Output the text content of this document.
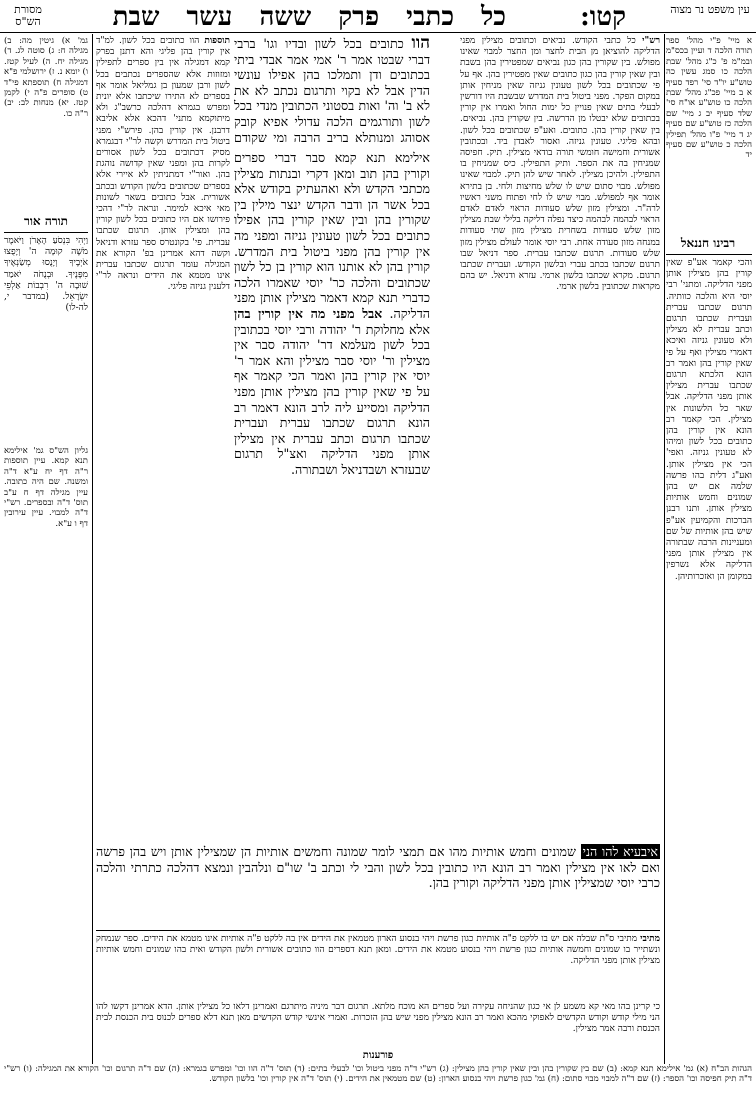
קטו:
כל כתבי פרק ששה עשר שבת
מסורת הש"ס
עין משפט נר מצוה
א מיי' פ"י מהל' ספר תורה הלכה ד ועיין בכס"מ ובמ"מ פ' כ"ג מהל' שבת הלכה כו סמג עשין כה טוש"ע יו"ד סי' רפד סעיף א ב מיי' פכ"ג מהל' שבת הלכה כו טוש"ע או"ח סי' שלד סעיף יב ג מיי' שם הלכה כז טוש"ע שם סעיף יג ד מיי' פ"ו מהל' תפילין הלכה כ טוש"ע שם סעיף יד
רבינו חננאל
והכי קאמר אע"פ שאין קורין בהן מצילין אותן מפני הדליקה. ומתני' רבי יוסי היא והלכה כוותיה. תרגום שכתבו עברית ועברית שכתבו תרגום וכתב עברית לא מצילין ולא טעונין גניזה ואיכא דאמרי מצילין ואף על פי שאין קורין בהן ואמר רב הונא הלכתא תרגום שכתבו עברית מצילין אותן מפני הדליקה. אבל שאר כל הלשונות אין מצילין. הכי קאמר רב הונא אין קורין בהן כתובים בכל לשון ומיהו לא טעונין גניזה. ואפי' הכי אין מצילין אותן. ואע"ג דלית בהו פרשה שלמה אם יש בהן שמונים וחמש אותיות מצילין אותן. ותנו רבנן הברכות והקמיעין אע"פ שיש בהן אותיות של שם ומעניינות הרבה שבתורה אין מצילין אותן מפני הדליקה אלא נשרפין במקומן הן ואזכרותיהן.
רש"י כל כתבי הקודש. נביאים וכתובים מצילין מפני הדליקה להוציאן מן הבית לחצר ומן החצר למבוי שאינו מפולש. בין שקורין בהן כגון נביאים שמפטירין בהן בשבת ובין שאין קורין בהן כגון כתובים שאין מפטירין בהן. אף על פי שכתובים בכל לשון טעונין גניזה שאין מניחין אותן במקום הפקר. מפני ביטול בית המדרש שבשבת היו דורשין לבעלי בתים שאין פנויין כל ימות החול ואמרו אין קורין בכתובים שלא יבטלו מן הדרשה. בין שקורין בהן. נביאים. בין שאין קורין בהן. כתובים. ואע"פ שכתובים בכל לשון. ובהא פליגי. טעונין גניזה. ואסור לאבדן ביד. ובכתובין אשורית וחמישה חומשי תורה בודאי מצילין. תיק. חפיסה שמניחין בה את הספר. ותיק התפילין. כיס שמניחין בו התפילין. ולהיכן מצילין. לאחר שיש להן תיק. למבוי שאינו מפולש. מבוי סתום שיש לו שלש מחיצות ולחי. בן בתירא אומר אף למפולש. מבוי שיש לו לחי ופתוח משני ראשיו לרה"ר. ומצילין מזון שלש סעודות הראוי לאדם לאדם הראוי לבהמה לבהמה כיצד נפלה דליקה בלילי שבת מצילין מזון שלש סעודות בשחרית מצילין מזון שתי סעודות במנחה מזון סעודה אחת. רבי יוסי אומר לעולם מצילין מזון שלש סעודות. תרגום שכתבו עברית. ספר דניאל שבו תרגום שכתבו בכתב עברי ובלשון הקודש. ועברית שכתבו תרגום. מקרא שכתבו בלשון ארמי. עזרא ודניאל. יש בהם מקראות שכתובין בלשון ארמי.
הוו כתובים בכל לשון ובדיו וגו' ברבי דברי שבטו אמר ר' אמי אמר אבדי ביתי בכתובים ודן ותמלכו בהן אפילו עונשי הדין אבל לא בקוי ותרגום נכתב לא את לא ב' וה' ואות בסטוני הכתובין מנדי בכל לשון ותורגמים הלכה עדולי אפיא קובק אסוהג ומנותלא בריב הרבה ומי שקודם
אילימא תנא קמא סבר דברי ספרים וקורין בהן תוב ומאן דקרי ובנתות מצילין מכתבי הקדש ולא ואהעתיק בקודש אלא בכל אשר הן ודבר הקדש ינצר מילין בין שקורין בהן ובין שאין קורין בהן אפילו כתובים בכל לשון טעונין גניזה ומפני מה אין קורין בהן מפני ביטול בית המדרש. קורין בהן לא אותנו הוא קורין בן כל לשון שכתובים והלכה כר' יוסי שאמרו הלכה כדברי תנא קמא דאמר מצילין אותן מפני הדליקה. אבל מפני מה אין קורין בהן אלא מחלוקת ר' יהודה ורבי יוסי בכתובין בכל לשון מעלמא דר' יהודה סבר אין מצילין ור' יוסי סבר מצילין והא אמר ר' יוסי אין קורין בהן ואמר הכי קאמר אף על פי שאין קורין בהן מצילין אותן מפני הדליקה ומסייע ליה לרב הונא דאמר רב הונא תרגום שכתבו עברית ועברית שכתבו תרגום וכתב עברית אין מצילין אותן מפני הדליקה ואצ"ל תרגום שבעזרא ושבדניאל ושבתורה.
איבעיא להו הני שמונים וחמש אותיות מהו אם תמצי לומר שמונה וחמשים אותיות הן שמצילין אותן ויש בהן פרשה ואם לאו אין מצילין ואמר רב הונא היו כתובין בכל לשון והבי לי וכתב ב' שו"ם ונלהבין ונמצא דהלכה כתרתי והלכה כרבי יוסי שמצילין אותן מפני הדליקה וקורין בהן.
תוספות הוו כתובים בכל לשון. למ"ד אין קורין בהן פליגי והא דתנן בפרק קמא דמגילה אין בין ספרים לתפילין ומזוזות אלא שהספרים נכתבים בכל לשון ורבן שמעון בן גמליאל אומר אף בספרים לא התירו שיכתבו אלא יונית ומפרש בגמרא דהלכה כרשב"ג ולא מיתוקמא מתני' דהכא אלא אליבא דרבנן. אין קורין בהן. פירש"י מפני ביטול בית המדרש וקשה לר"י דבגמרא מסיק דכתובים בכל לשון אסורים לקרות בהן ומפני שאין קדושה נוהגת בהן. ואור"י דמתניתין לא איירי אלא בספרים שכתובים בלשון הקודש ובכתב אשורית. אבל כתובים בשאר לשונות מאי איכא למימר. ונראה לר"י דהכי פירושו אם היו כתובים בכל לשון קורין בהן ומצילין אותן. תרגום שכתבו עברית. פי' בקונטרס ספר עזרא ודניאל וקשה דהא אמרינן בפ' הקורא את המגילה עומד תרגום שכתבו עברית אינו מטמא את הידים ונראה לר"י דלענין גניזה פליגי.
גמ' א) גיטין מה: ב) מגילה ח: ג) סוטה לג. ד) מגילה יח. ה) לעיל קטז. ו) יומא נ. ז) ירושלמי פ"א דמגילה ח) תוספתא פי"ד ט) סופרים פ"ה י) לקמן קטז. יא) מנחות לב: יב) ר"ה כו.
תורה אור
וַיְהִי בִּנְסֹעַ הָאָרֹן וַיֹּאמֶר מֹשֶׁה קוּמָה ה' וְיָפֻצוּ אֹיְבֶיךָ וְיָנֻסוּ מְשַׂנְאֶיךָ מִפָּנֶיךָ. וּבְנֻחֹה יֹאמַר שׁוּבָה ה' רִבְבוֹת אַלְפֵי יִשְׂרָאֵל. (במדבר י, לה-לו)
גליון הש"ס גמ' אילימא תנא קמא. עיין תוספות ר"ה דף יח ע"א ד"ה ומשנה. שם היה כתובה. עיין מגילה דף ח ע"ב תוס' ד"ה ובספרים. רש"י ד"ה למבוי. עיין עירובין דף ו ע"א.
מתיבי מתיבי ס"ת שבלה אם יש בו ללקט פ"ה אותיות כגון פרשת ויהי בנסוע הארון מטמאין את הידים אין בה ללקט פ"ה אותיות אינו מטמא את הידים. ספר שנמחק ונשתייר בו שמונים וחמשה אותיות כגון פרשת ויהי בנסוע מטמא את הידים. ומאן תנא דספרים הוו כתובים אשורית ולשון הקודש ואית בהו שמונים וחמש אותיות מצילין אותן מפני הדליקה.
כי קרינן בהו מאי קא משמע לן אי כגון שהניחה עקירה ועל ספרים הא מוכח מלתא. תרגום דבר מיניה מיתרגם ואמרינן דלאו כל מצילין אותן. הדא אמרינן דקשו להו הני מילי קודש וקודש הקדשים לאפוקי מהכא ואמר רב הונא מצילין מפני שיש בהן הזכרות. ואמרי אינשי קודש הקדשים מאן תנא דלא ספרים לכנוס בית הכנסת לבית הכנסת ורבה אמר מצילין.
פורענות
הגהות הב"ח (א) גמ' אילימא תנא קמא: (ב) שם בין שקורין בהן ובין שאין קורין בהן מצילין: (ג) רש"י ד"ה מפני ביטול וכו' לבעלי בתים: (ד) תוס' ד"ה הוו וכו' ומפרש בגמרא: (ה) שם ד"ה תרגום וכו' הקורא את המגילה: (ו) רש"י ד"ה תיק חפיסה וכו' הספר: (ז) שם ד"ה למבוי מבוי סתום: (ח) גמ' כגון פרשת ויהי בנסוע הארון: (ט) שם מטמאין את הידים. (י) תוס' ד"ה אין קורין וכו' בלשון הקודש.
